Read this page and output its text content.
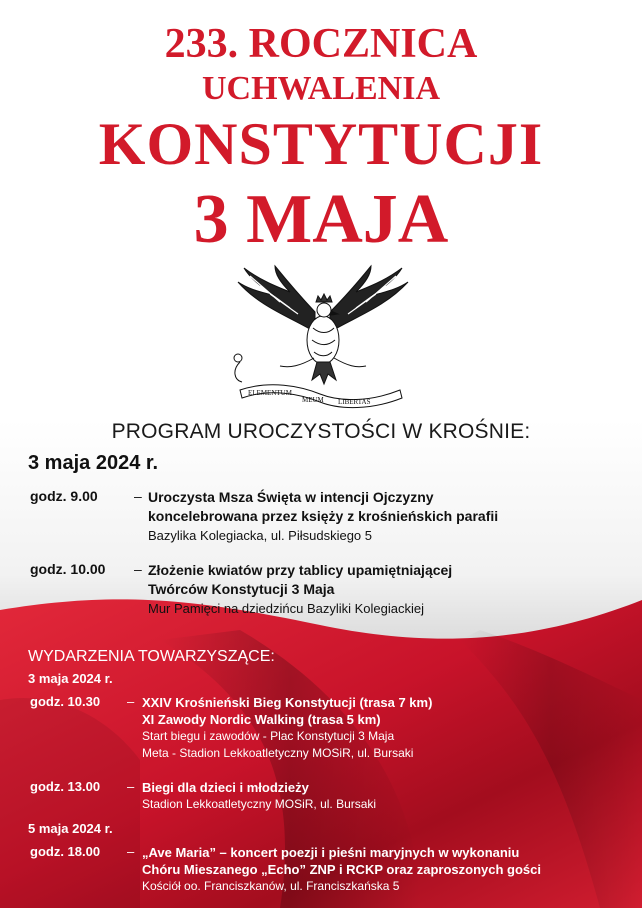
233. ROCZNICA
UCHWALENIA
KONSTYTUCJI
3 MAJA
ELEMENTUM
MEUM LIBERTAS
PROGRAM UROCZYSTOŚCI W KROŚNIE:
3 maja 2024 r.
godz. 9.00	– Uroczysta Msza Święta w intencji Ojczyzny
koncelebrowana przez księży z krośnieńskich parafii
Bazylika Kolegiacka, ul. Piłsudskiego 5
godz. 10.00 – Złożenie kwiatów przy tablicy upamiętniającej
Twórców Konstytucji 3 Maja
Mur Pamięci na dziedzińcu Bazyliki Kolegiackiej
WYDARZENIA TOWARZYSZĄCE:
3 maja 2024 r.
godz. 10.30 – XXIV Krośnieński Bieg Konstytucji (trasa 7 km)
XI Zawody Nordic Walking (trasa 5 km)
Start biegu i zawodów - Plac Konstytucji 3 Maja
Meta - Stadion Lekkoatletyczny MOSiR, ul. Bursaki
godz. 13.00 – Biegi dla dzieci i młodzieży
Stadion Lekkoatletyczny MOSiR, ul. Bursaki
5 maja 2024 r.
godz. 18.00 – „Ave Maria” – koncert poezji i pieśni maryjnych w wykonaniu
Chóru Mieszanego „Echo” ZNP i RCKP oraz zaproszonych gości
Kościół oo. Franciszkanów, ul. Franciszkańska 5
